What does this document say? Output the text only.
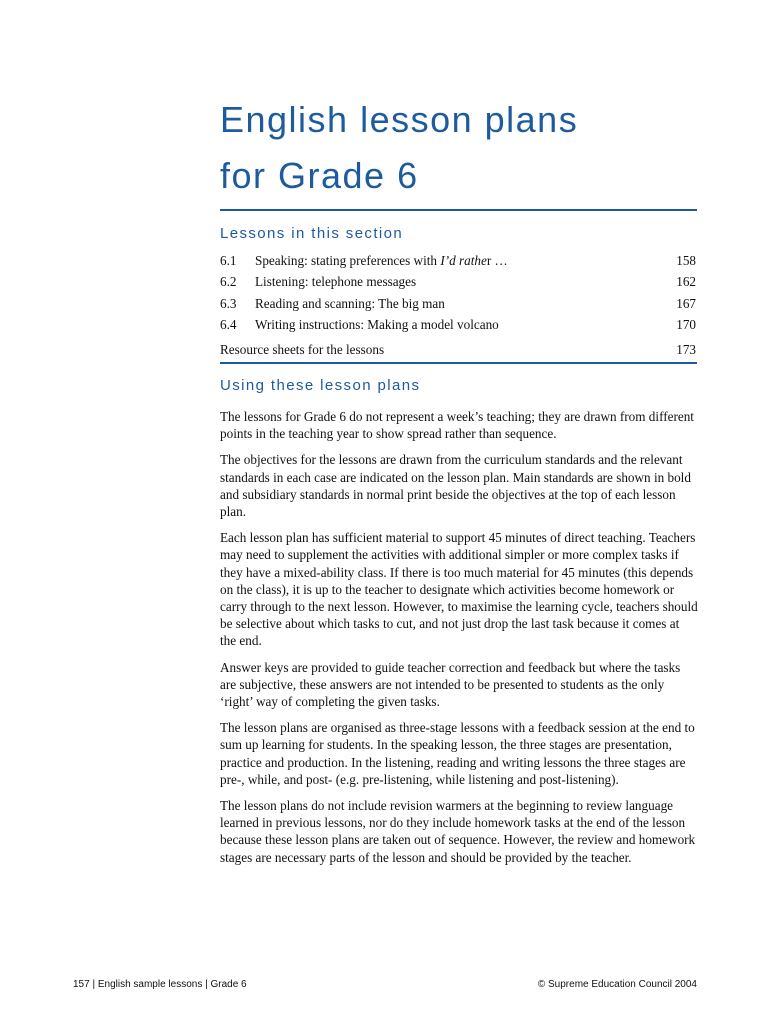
English lesson plans
for Grade 6
Lessons in this section
6.1 Speaking: stating preferences with I’d rather …	158
6.2 Listening: telephone messages	162
6.3 Reading and scanning: The big man	167
6.4 Writing instructions: Making a model volcano	170
Resource sheets for the lessons	173
Using these lesson plans

The lessons for Grade 6 do not represent a week’s teaching; they are drawn from different points in the teaching year to show spread rather than sequence.

The objectives for the lessons are drawn from the curriculum standards and the relevant standards in each case are indicated on the lesson plan. Main standards are shown in bold and subsidiary standards in normal print beside the objectives at the top of each lesson plan.

Each lesson plan has sufficient material to support 45 minutes of direct teaching. Teachers may need to supplement the activities with additional simpler or more complex tasks if they have a mixed-ability class. If there is too much material for 45 minutes (this depends on the class), it is up to the teacher to designate which activities become homework or carry through to the next lesson. However, to maximise the learning cycle, teachers should be selective about which tasks to cut, and not just drop the last task because it comes at the end.

Answer keys are provided to guide teacher correction and feedback but where the tasks are subjective, these answers are not intended to be presented to students as the only ‘right’ way of completing the given tasks.

The lesson plans are organised as three-stage lessons with a feedback session at the end to sum up learning for students. In the speaking lesson, the three stages are presentation, practice and production. In the listening, reading and writing lessons the three stages are pre-, while, and post- (e.g. pre-listening, while listening and post-listening).

The lesson plans do not include revision warmers at the beginning to review language learned in previous lessons, nor do they include homework tasks at the end of the lesson because these lesson plans are taken out of sequence. However, the review and homework stages are necessary parts of the lesson and should be provided by the teacher.

157 | English sample lessons | Grade 6	© Supreme Education Council 2004
